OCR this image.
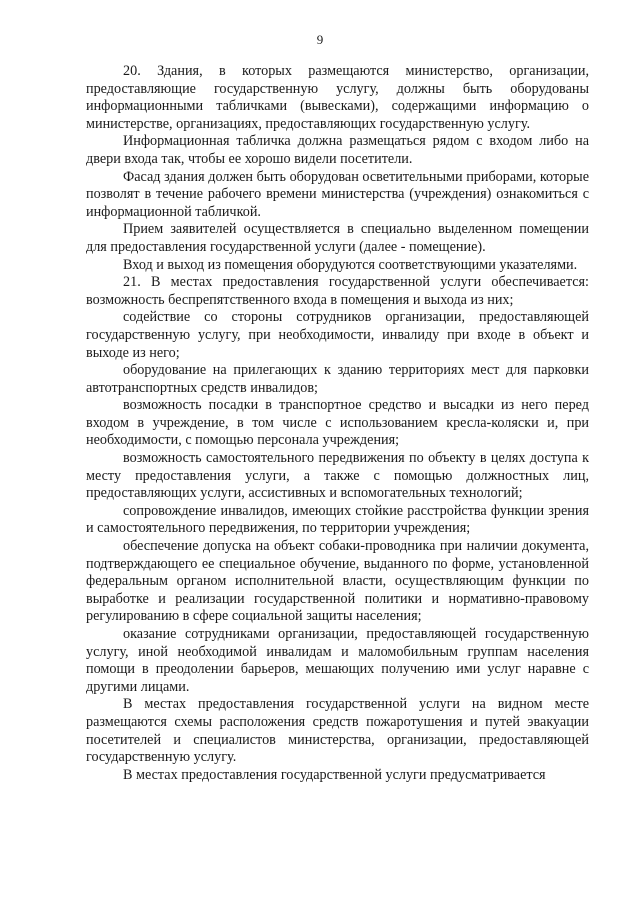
9

20. Здания, в которых размещаются министерство, организации, предоставляющие государственную услугу, должны быть оборудованы информационными табличками (вывесками), содержащими информацию о министерстве, организациях, предоставляющих государственную услугу.

Информационная табличка должна размещаться рядом с входом либо на двери входа так, чтобы ее хорошо видели посетители.

Фасад здания должен быть оборудован осветительными приборами, которые позволят в течение рабочего времени министерства (учреждения) ознакомиться с информационной табличкой.

Прием заявителей осуществляется в специально выделенном помещении для предоставления государственной услуги (далее - помещение).

Вход и выход из помещения оборудуются соответствующими указателями.

21. В местах предоставления государственной услуги обеспечивается: возможность беспрепятственного входа в помещения и выхода из них;

содействие со стороны сотрудников организации, предоставляющей государственную услугу, при необходимости, инвалиду при входе в объект и выходе из него;

оборудование на прилегающих к зданию территориях мест для парковки автотранспортных средств инвалидов;

возможность посадки в транспортное средство и высадки из него перед входом в учреждение, в том числе с использованием кресла-коляски и, при необходимости, с помощью персонала учреждения;

возможность самостоятельного передвижения по объекту в целях доступа к месту предоставления услуги, а также с помощью должностных лиц, предоставляющих услуги, ассистивных и вспомогательных технологий;

сопровождение инвалидов, имеющих стойкие расстройства функции зрения и самостоятельного передвижения, по территории учреждения;

обеспечение допуска на объект собаки-проводника при наличии документа, подтверждающего ее специальное обучение, выданного по форме, установленной федеральным органом исполнительной власти, осуществляющим функции по выработке и реализации государственной политики и нормативно-правовому регулированию в сфере социальной защиты населения;

оказание сотрудниками организации, предоставляющей государственную услугу, иной необходимой инвалидам и маломобильным группам населения помощи в преодолении барьеров, мешающих получению ими услуг наравне с другими лицами.

В местах предоставления государственной услуги на видном месте размещаются схемы расположения средств пожаротушения и путей эвакуации посетителей и специалистов министерства, организации, предоставляющей государственную услугу.

В местах предоставления государственной услуги предусматривается
